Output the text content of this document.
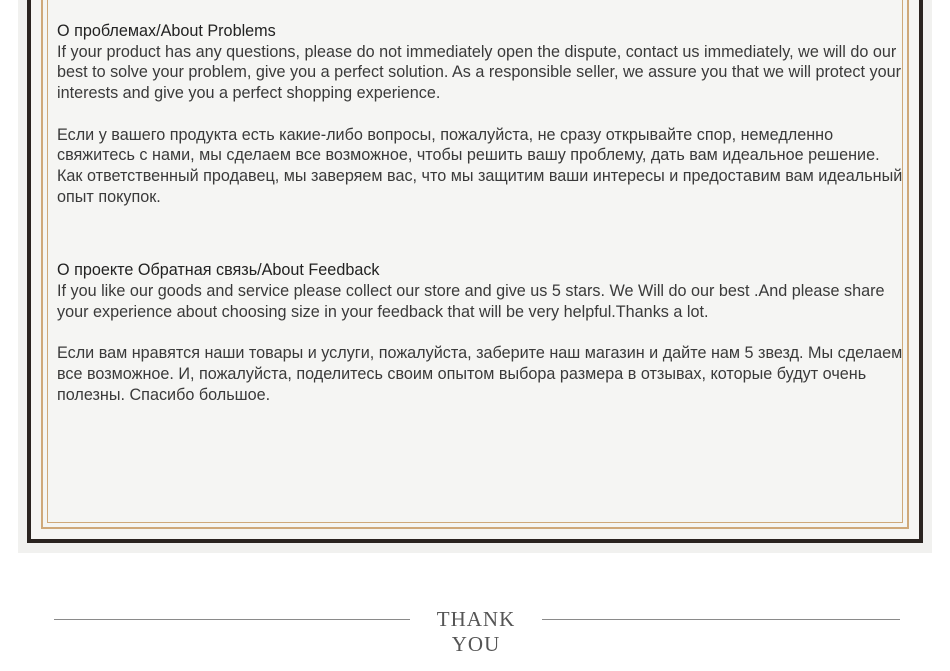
О проблемах/About Problems

If your product has any questions, please do not immediately open the dispute, contact us immediately, we will do our best to solve your problem, give you a perfect solution. As a responsible seller, we assure you that we will protect your interests and give you a perfect shopping experience.

Если у вашего продукта есть какие-либо вопросы, пожалуйста, не сразу открывайте спор, немедленно свяжитесь с нами, мы сделаем все возможное, чтобы решить вашу проблему, дать вам идеальное решение. Как ответственный продавец, мы заверяем вас, что мы защитим ваши интересы и предоставим вам идеальный опыт покупок.

О проекте Обратная связь/About Feedback

If you like our goods and service please collect our store and give us 5 stars. We Will do our best .And please share your experience about choosing size in your feedback that will be very helpful.Thanks a lot.

Если вам нравятся наши товары и услуги, пожалуйста, заберите наш магазин и дайте нам 5 звезд. Мы сделаем все возможное. И, пожалуйста, поделитесь своим опытом выбора размера в отзывах, которые будут очень полезны. Спасибо большое.

THANK YOU
